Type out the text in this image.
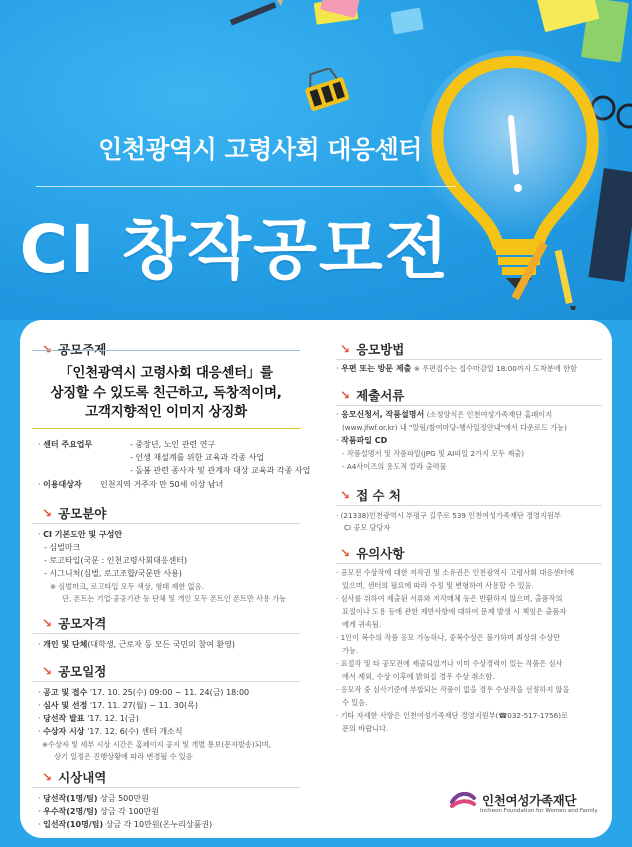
인천광역시 고령사회 대응센터
CI 창작공모전
↘ 공모주제
「인천광역시 고령사회 대응센터」를
상징할 수 있도록 친근하고, 독창적이며,
고객지향적인 이미지 상징화
· 센터 주요업무	- 중장년, 노인 관련 연구
- 인생 재설계를 위한 교육과 각종 사업
- 돌봄 관련 종사자 및 관계자 대상 교육과 각종 사업
· 이용대상자 인천지역 거주자 만 50세 이상 남녀
↘ 공모분야
· CI 기본도안 및 구성안
- 심벌마크
- 로고타입(국문 : 인천고령사회대응센터)
- 시그니처(심벌, 로고조합/국문만 사용)
※ 심벌마크, 로고타입 모두 색상, 형태 제한 없음.
단, 폰트는 기업·공공기관 등 단체 및 개인 모두 폰트인 폰트만 사용 가능
↘ 공모자격
· 개인 및 단체(대학생, 근로자 등 모든 국민의 참여 환영)
↘ 공모일정
· 공고 및 접수 '17. 10. 25(수) 09:00 ~ 11. 24(금) 18:00
· 심사 및 선정 '17. 11. 27(월) ~ 11. 30(목)
· 당선작 발표 '17. 12. 1(금)
· 수상자 시상 '17. 12. 6(수) 센터 개소식
※수상자 및 세부 시상 시간은 홈페이지 공지 및 개별 통보(문자발송)되며,
상기 일정은 진행상황에 따라 변경될 수 있음
↘ 시상내역
· 당선작(1명/팀) 상금 500만원
· 우수작(2명/팀) 상금 각 100만원
· 입선작(10명/팀) 상금 각 10만원(온누리상품권)
↘ 응모방법
· 우편 또는 방문 제출 ※ 우편접수는 접수마감일 18:00까지 도착분에 한함
↘ 제출서류
· 응모신청서, 작품설명서 (소정양식은 인천여성가족재단 홈페이지
(www.jfwf.or.kr) 내 "알림/참여마당-행사일정안내"에서 다운로드 가능)
· 작품파일 CD
- 작품설명서 및 작품파일(JPG 및 AI파일 2가지 모두 제출)
- A4사이즈의 용도적 칼라 출력물
↘ 접 수 처
· (21338)인천광역시 부평구 길주로 539 인천여성가족재단 경영지원부
CI 공모 담당자
↘ 유의사항
· 공모전 수상작에 대한 저작권 및 소유권은 인천광역시 고령사회 대응센터에
있으며, 센터의 필요에 따라 수정 및 변형하여 사용할 수 있음.
· 심사를 위하여 제출된 서류와 저작매체 등은 반환하지 않으며, 출품작의
표절이나 도용 등에 관한 제반사항에 대하여 문제 발생 시 책임은 출품자
에게 귀속됨.
· 1인이 복수의 작품 응모 가능하나, 중복수상은 불가하며 최상위 수상만
가능.
· 표절작 및 타 공모전에 제출되었거나 이미 수상경력이 있는 작품은 심사
에서 제외, 수상 이후에 밝혀질 경우 수상 취소함.
· 응모작 중 심사기준에 부합되는 작품이 없을 경우 수상작을 선정하지 않을
수 있음.
· 기타 자세한 사항은 인천여성가족재단 경영지원부(☎032-517-1756)로
문의 바랍니다.
인천여성가족재단
Incheon Foundation for Women and Family
